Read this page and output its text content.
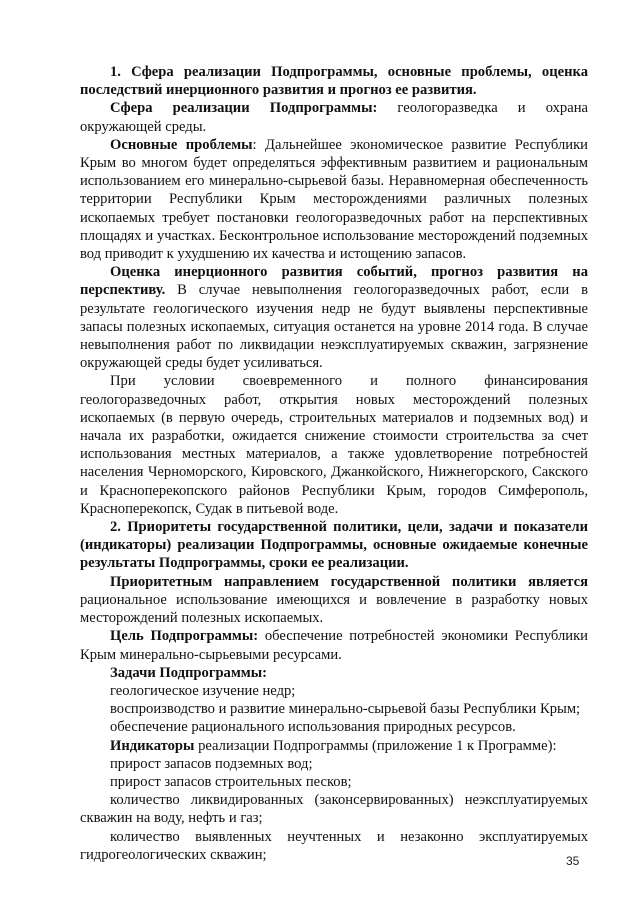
1. Сфера реализации Подпрограммы, основные проблемы, оценка последствий инерционного развития и прогноз ее развития.

Сфера реализации Подпрограммы: геологоразведка и охрана окружающей среды.

Основные проблемы: Дальнейшее экономическое развитие Республики Крым во многом будет определяться эффективным развитием и рациональным использованием его минерально-сырьевой базы. Неравномерная обеспеченность территории Республики Крым месторождениями различных полезных ископаемых требует постановки геологоразведочных работ на перспективных площадях и участках. Бесконтрольное использование месторождений подземных вод приводит к ухудшению их качества и истощению запасов.

Оценка инерционного развития событий, прогноз развития на перспективу. В случае невыполнения геологоразведочных работ, если в результате геологического изучения недр не будут выявлены перспективные запасы полезных ископаемых, ситуация останется на уровне 2014 года. В случае невыполнения работ по ликвидации неэксплуатируемых скважин, загрязнение окружающей среды будет усиливаться.

При условии своевременного и полного финансирования геологоразведочных работ, открытия новых месторождений полезных ископаемых (в первую очередь, строительных материалов и подземных вод) и начала их разработки, ожидается снижение стоимости строительства за счет использования местных материалов, а также удовлетворение потребностей населения Черноморского, Кировского, Джанкойского, Нижнегорского, Сакского и Красноперекопского районов Республики Крым, городов Симферополь, Красноперекопск, Судак в питьевой воде.

2. Приоритеты государственной политики, цели, задачи и показатели (индикаторы) реализации Подпрограммы, основные ожидаемые конечные результаты Подпрограммы, сроки ее реализации.

Приоритетным направлением государственной политики является рациональное использование имеющихся и вовлечение в разработку новых месторождений полезных ископаемых.

Цель Подпрограммы: обеспечение потребностей экономики Республики Крым минерально-сырьевыми ресурсами.

Задачи Подпрограммы:

геологическое изучение недр;

воспроизводство и развитие минерально-сырьевой базы Республики Крым;

обеспечение рационального использования природных ресурсов.

Индикаторы реализации Подпрограммы (приложение 1 к Программе):

прирост запасов подземных вод;

прирост запасов строительных песков;

количество ликвидированных (законсервированных) неэксплуатируемых скважин на воду, нефть и газ;

количество выявленных неучтенных и незаконно эксплуатируемых гидрогеологических скважин;	35
